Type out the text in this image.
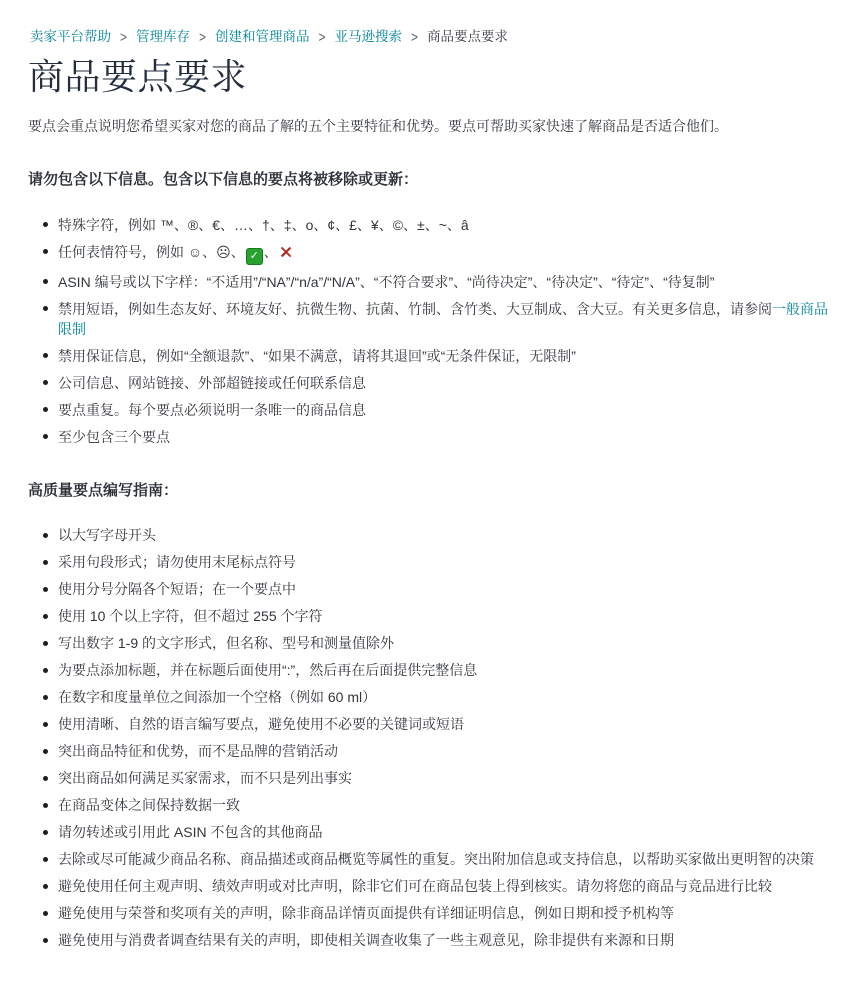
卖家平台帮助 > 管理库存 > 创建和管理商品 > 亚马逊搜索 > 商品要点要求
商品要点要求

要点会重点说明您希望买家对您的商品了解的五个主要特征和优势。要点可帮助买家快速了解商品是否适合他们。

请勿包含以下信息。包含以下信息的要点将被移除或更新：
特殊字符，例如 ™、®、€、…、†、‡、o、¢、£、¥、©、±、~、â
任何表情符号，例如 ☺、☹、 ✓ 、✕
ASIN 编号或以下字样：“不适用”/“NA”/“n/a”/“N/A”、“不符合要求”、“尚待决定”、“待决定”、“待定”、“待复制”
禁用短语，例如生态友好、环境友好、抗微生物、抗菌、竹制、含竹类、大豆制成、含大豆。有关更多信息，请参阅一般商品限制
禁用保证信息，例如“全额退款”、“如果不满意，请将其退回”或“无条件保证，无限制”
公司信息、网站链接、外部超链接或任何联系信息
要点重复。每个要点必须说明一条唯一的商品信息
至少包含三个要点
高质量要点编写指南：
以大写字母开头
采用句段形式；请勿使用末尾标点符号
使用分号分隔各个短语；在一个要点中
使用 10 个以上字符，但不超过 255 个字符
写出数字 1-9 的文字形式，但名称、型号和测量值除外
为要点添加标题，并在标题后面使用“:”，然后再在后面提供完整信息
在数字和度量单位之间添加一个空格（例如 60 ml）
使用清晰、自然的语言编写要点，避免使用不必要的关键词或短语
突出商品特征和优势，而不是品牌的营销活动
突出商品如何满足买家需求，而不只是列出事实
在商品变体之间保持数据一致
请勿转述或引用此 ASIN 不包含的其他商品
去除或尽可能减少商品名称、商品描述或商品概览等属性的重复。突出附加信息或支持信息，以帮助买家做出更明智的决策
避免使用任何主观声明、绩效声明或对比声明，除非它们可在商品包装上得到核实。请勿将您的商品与竞品进行比较
避免使用与荣誉和奖项有关的声明，除非商品详情页面提供有详细证明信息，例如日期和授予机构等
避免使用与消费者调查结果有关的声明，即使相关调查收集了一些主观意见，除非提供有来源和日期
